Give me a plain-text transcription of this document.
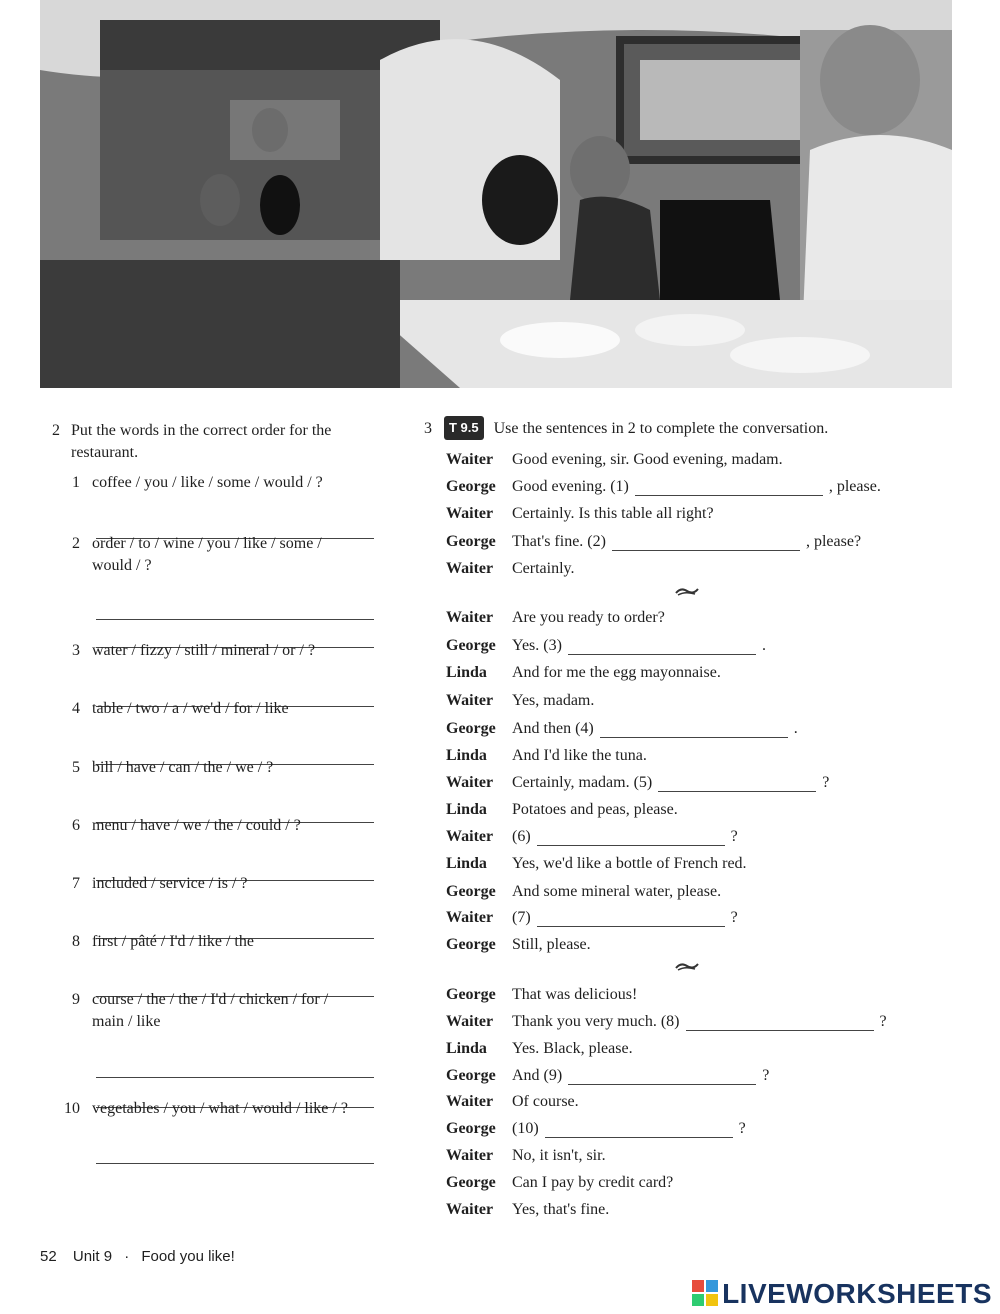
2 Put the words in the correct order for the restaurant.
1 coffee / you / like / some / would / ?
2 order / to / wine / you / like / some / would / ?
3 water / fizzy / still / mineral / or / ?
4 table / two / a / we'd / for / like
5 bill / have / can / the / we / ?
6 menu / have / we / the / could / ?
7 included / service / is / ?
8 first / pâté / I'd / like / the
9 course / the / the / I'd / chicken / for / main / like
10 vegetables / you / what / would / like / ?
3 T 9.5 Use the sentences in 2 to complete the conversation.
Waiter Good evening, sir. Good evening, madam.
George Good evening. (1)	, please.
Waiter Certainly. Is this table all right?
George That's fine. (2)	, please?
Waiter Certainly.
Waiter Are you ready to order?
George Yes. (3)	.
Linda And for me the egg mayonnaise.
Waiter Yes, madam.
George And then (4)	.
Linda And I'd like the tuna.
Waiter Certainly, madam. (5)	?
Linda Potatoes and peas, please.
Waiter (6)	?
Linda Yes, we'd like a bottle of French red.
George And some mineral water, please.
Waiter (7)	?
George Still, please.
George That was delicious!
Waiter Thank you very much. (8)	?
Linda Yes. Black, please.
George And (9)	?
Waiter Of course.
George (10)	?
Waiter No, it isn't, sir.
George Can I pay by credit card?
Waiter Yes, that's fine.
52 Unit 9 · Food you like!
LIVEWORKSHEETS
